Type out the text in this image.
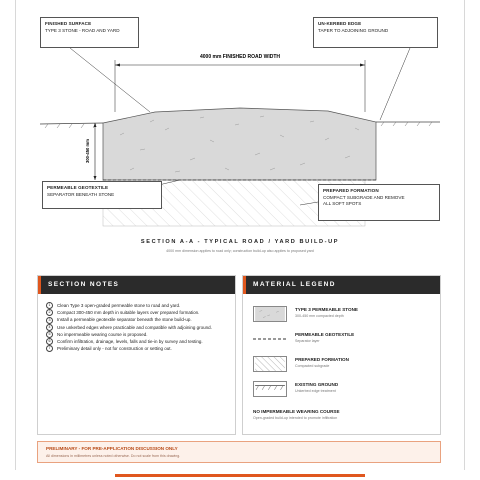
4000 mm FINISHED ROAD WIDTH
300-450 mm
FINISHED SURFACE
TYPE 3 STONE - ROAD AND YARD
UN-KERBED EDGE
TAPER TO ADJOINING GROUND
PERMEABLE GEOTEXTILE
SEPARATOR BENEATH STONE
PREPARED FORMATION
COMPACT SUBGRADE AND REMOVE
ALL SOFT SPOTS
SECTION A-A - TYPICAL ROAD / YARD BUILD-UP
4000 mm dimension applies to road only; construction build-up also applies to proposed yard
SECTION NOTES
1	Clean Type 3 open-graded permeable stone to road and yard.
2	Compact 300-450 mm depth in suitable layers over prepared formation.
3	Install a permeable geotextile separator beneath the stone build-up.
4	Use unkerbed edges where practicable and compatible with adjoining ground.
5	No impermeable wearing course is proposed.
6	Confirm infiltration, drainage, levels, falls and tie-in by survey and testing.
7	Preliminary detail only - not for construction or setting out.
MATERIAL LEGEND
TYPE 3 PERMEABLE STONE
300-450 mm compacted depth
PERMEABLE GEOTEXTILE
Separator layer
PREPARED FORMATION
Compacted subgrade
EXISTING GROUND
Unkerbed edge treatment
NO IMPERMEABLE WEARING COURSE
Open-graded build-up intended to promote infiltration
PRELIMINARY - FOR PRE-APPLICATION DISCUSSION ONLY
All dimensions in millimetres unless noted otherwise. Do not scale from this drawing.
